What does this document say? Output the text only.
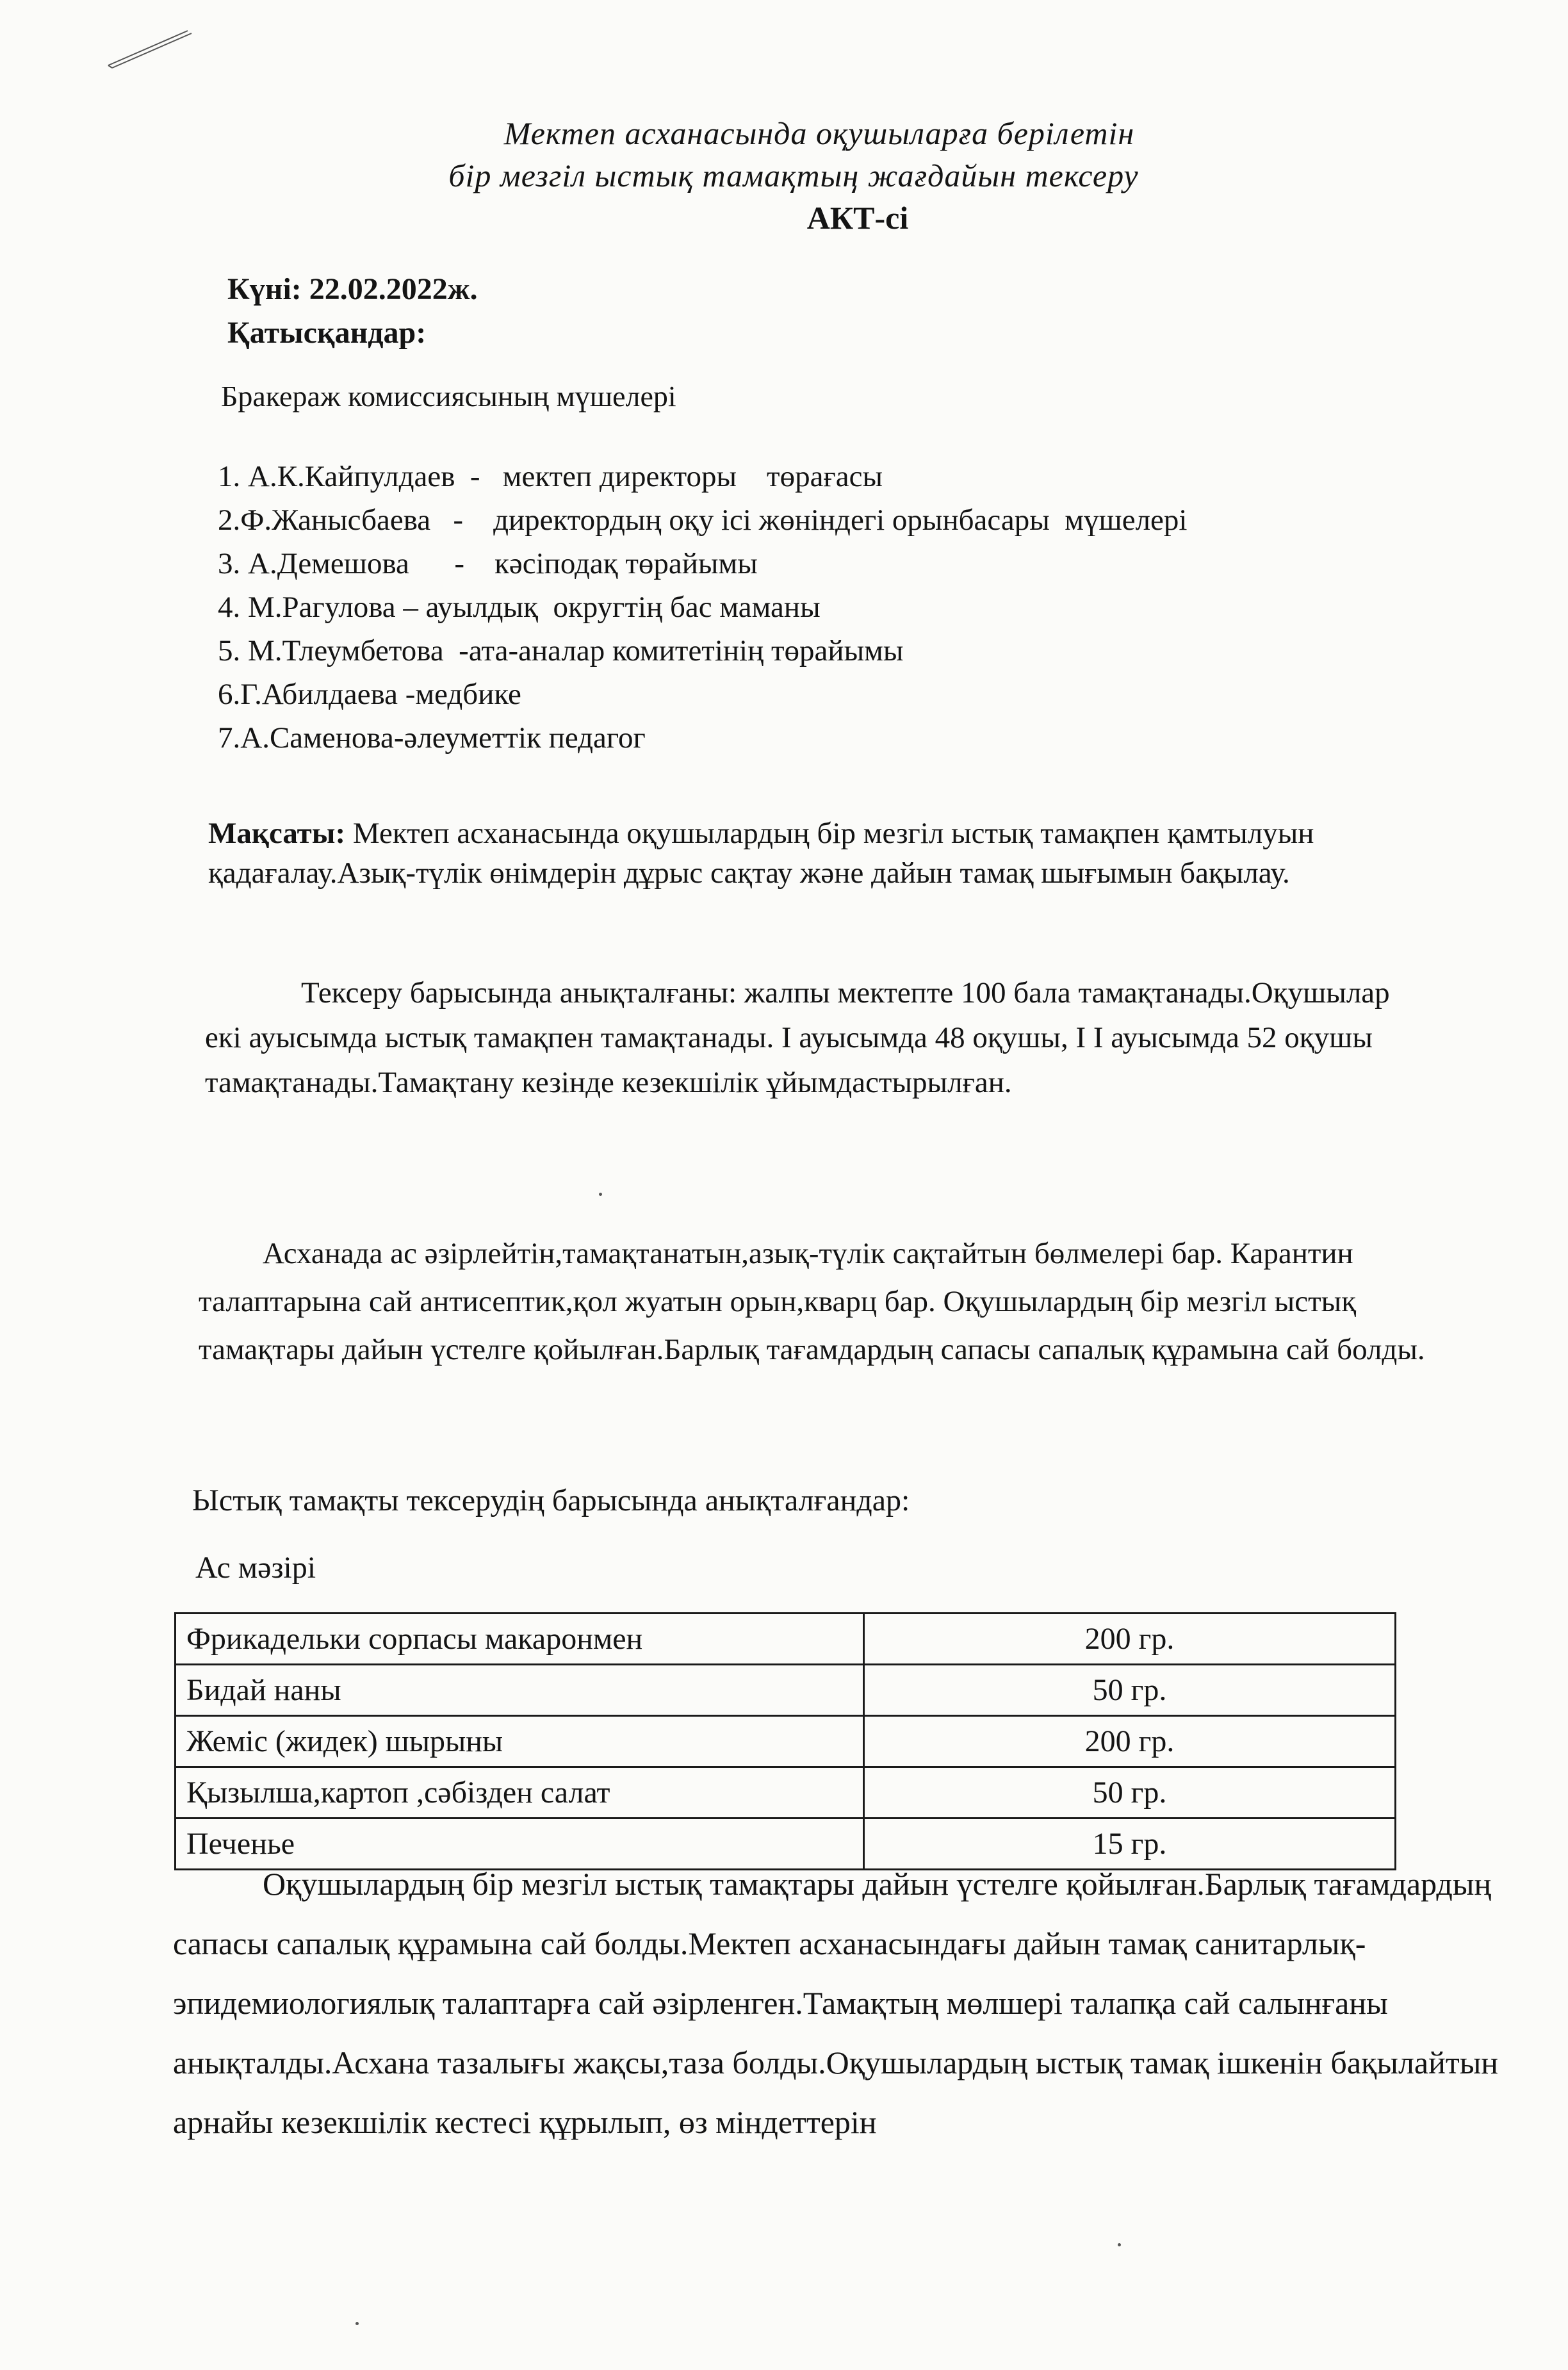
Мектеп асханасында оқушыларға берілетін
бір мезгіл ыстық тамақтың жағдайын тексеру
АКТ-сі
Күні: 22.02.2022ж.
Қатысқандар:
Бракераж комиссиясының мүшелері
1. А.К.Кайпулдаев  -   мектеп директоры    төрағасы
2.Ф.Жанысбаева   -    директордың оқу ісі жөніндегі орынбасары  мүшелері
3. А.Демешова      -    кәсіподақ төрайымы
4. М.Рагулова – ауылдық  округтің бас маманы
5. М.Тлеумбетова  -ата-аналар комитетінің төрайымы
6.Г.Абилдаева -медбике
7.А.Саменова-әлеуметтік педагог
Мақсаты: Мектеп асханасында оқушылардың бір мезгіл ыстық тамақпен қамтылуын қадағалау.Азық-түлік өнімдерін дұрыс сақтау және дайын тамақ шығымын бақылау.
Тексеру барысында анықталғаны: жалпы мектепте 100 бала тамақтанады.Оқушылар екі ауысымда ыстық тамақпен тамақтанады. I ауысымда 48 оқушы, I I ауысымда 52 оқушы тамақтанады.Тамақтану кезінде кезекшілік ұйымдастырылған.
Асханада ас әзірлейтін,тамақтанатын,азық-түлік сақтайтын бөлмелері бар. Карантин талаптарына сай антисептик,қол жуатын орын,кварц бар. Оқушылардың бір мезгіл ыстық тамақтары дайын үстелге қойылған.Барлық тағамдардың сапасы сапалық құрамына сай болды.
Ыстық тамақты тексерудің барысында анықталғандар:
Ас мәзірі
Фрикадельки сорпасы макаронмен	200 гр.
Бидай наны	50 гр.
Жеміс (жидек) шырыны	200 гр.
Қызылша,картоп ,сәбізден салат	50 гр.
Печенье	15 гр.
Оқушылардың бір мезгіл ыстық тамақтары дайын үстелге қойылған.Барлық тағамдардың сапасы сапалық құрамына сай болды.Мектеп асханасындағы дайын тамақ санитарлық-эпидемиологиялық талаптарға сай әзірленген.Тамақтың мөлшері талапқа сай салынғаны анықталды.Асхана тазалығы жақсы,таза болды.Оқушылардың ыстық тамақ ішкенін бақылайтын арнайы кезекшілік кестесі құрылып, өз міндеттерін
